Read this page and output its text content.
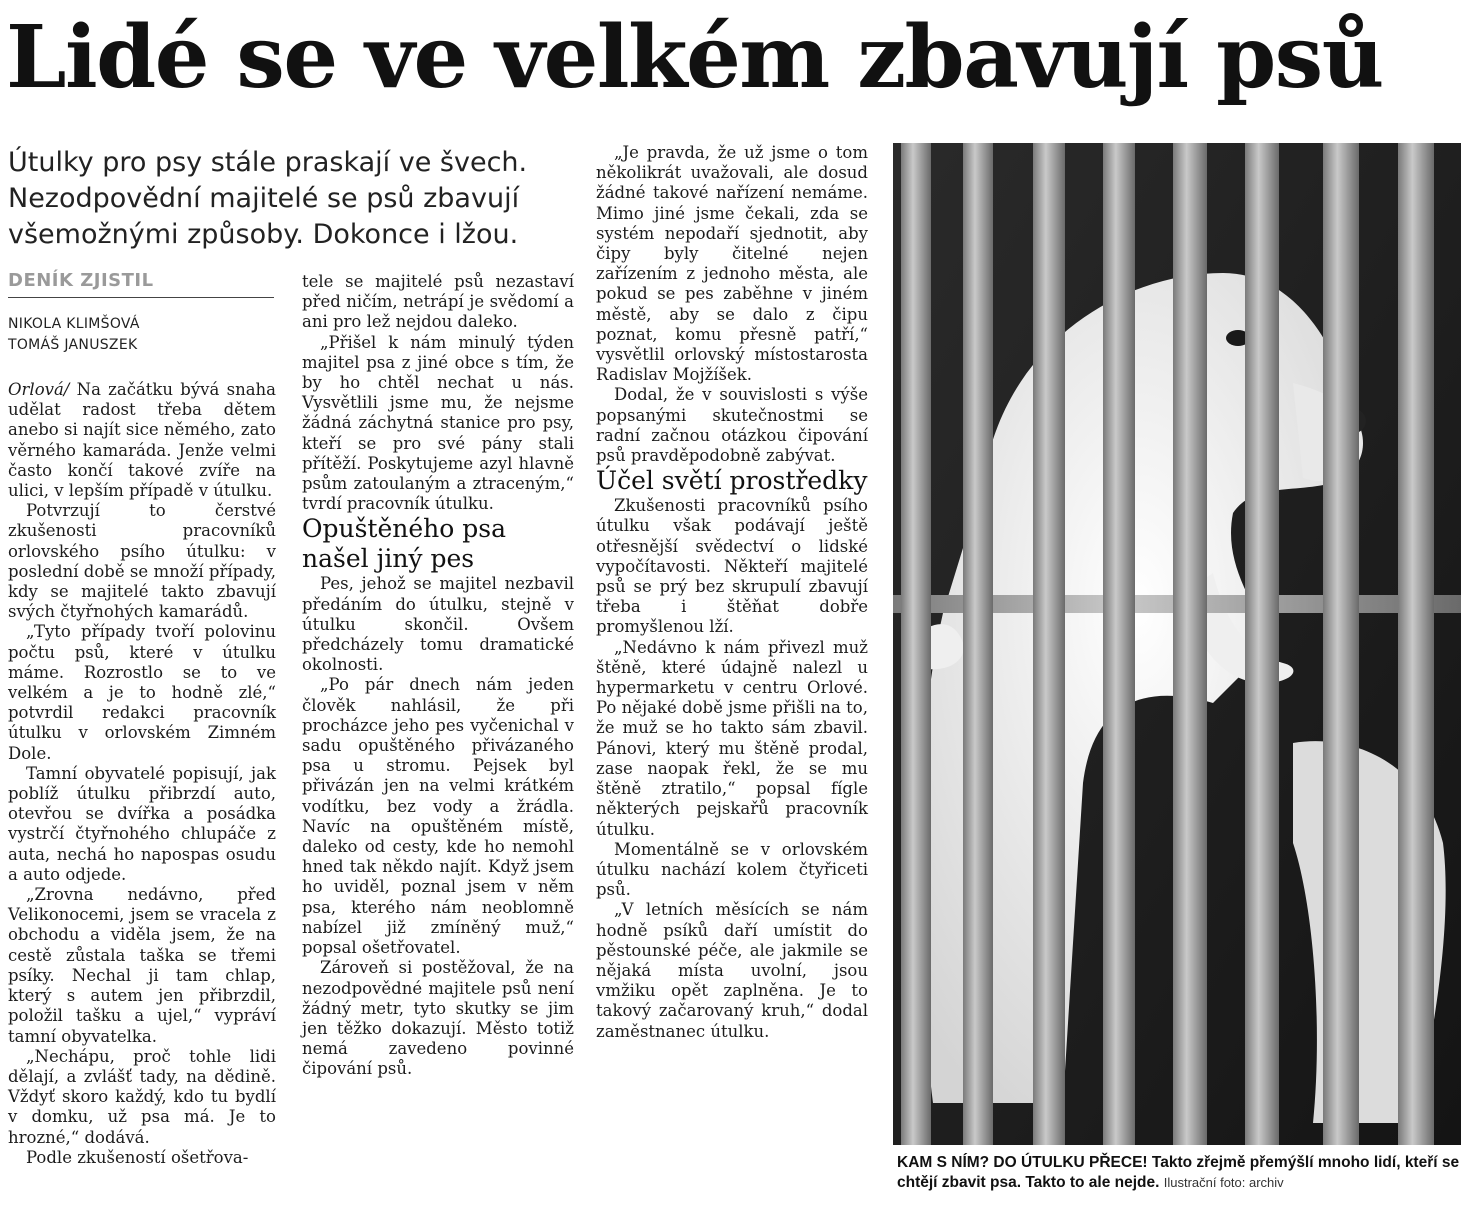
Lidé se ve velkém zbavují psů

Útulky pro psy stále praskají ve švech. Nezodpovědní majitelé se psů zbavují všemožnými způsoby. Dokonce i lžou.

DENÍK ZJISTIL
NIKOLA KLIMŠOVÁ
TOMÁŠ JANUSZEK

Orlová/ Na začátku bývá snaha udělat radost třeba dětem anebo si najít sice němého, zato věrného kamaráda. Jenže velmi často končí takové zvíře na ulici, v lepším případě v útulku.

Potvrzují to čerstvé zkušenosti pracovníků orlovského psího útulku: v poslední době se množí případy, kdy se majitelé takto zbavují svých čtyřnohých kamarádů.

„Tyto případy tvoří polovinu počtu psů, které v útulku máme. Rozrostlo se to ve velkém a je to hodně zlé,“ potvrdil redakci pracovník útulku v orlovském Zimném Dole.

Tamní obyvatelé popisují, jak poblíž útulku přibrzdí auto, otevřou se dvířka a posádka vystrčí čtyřnohého chlupáče z auta, nechá ho napospas osudu a auto odjede.

„Zrovna nedávno, před Velikonocemi, jsem se vracela z obchodu a viděla jsem, že na cestě zůstala taška se třemi psíky. Nechal ji tam chlap, který s autem jen přibrzdil, položil tašku a ujel,“ vypráví tamní obyvatelka.

„Nechápu, proč tohle lidi dělají, a zvlášť tady, na dědině. Vždyť skoro každý, kdo tu bydlí v domku, už psa má. Je to hrozné,“ dodává.

Podle zkušeností ošetřova-

tele se majitelé psů nezastaví před ničím, netrápí je svědomí a ani pro lež nejdou daleko.

„Přišel k nám minulý týden majitel psa z jiné obce s tím, že by ho chtěl nechat u nás. Vysvětlili jsme mu, že nejsme žádná záchytná stanice pro psy, kteří se pro své pány stali přítěží. Poskytujeme azyl hlavně psům zatoulaným a ztraceným,“ tvrdí pracovník útulku.

Opuštěného psa našel jiný pes

Pes, jehož se majitel nezbavil předáním do útulku, stejně v útulku skončil. Ovšem předcházely tomu dramatické okolnosti.

„Po pár dnech nám jeden člověk nahlásil, že při procházce jeho pes vyčenichal v sadu opuštěného přivázaného psa u stromu. Pejsek byl přivázán jen na velmi krátkém vodítku, bez vody a žrádla. Navíc na opuštěném místě, daleko od cesty, kde ho nemohl hned tak někdo najít. Když jsem ho uviděl, poznal jsem v něm psa, kterého nám neoblomně nabízel již zmíněný muž,“ popsal ošetřovatel.

Zároveň si postěžoval, že na nezodpovědné majitele psů není žádný metr, tyto skutky se jim jen těžko dokazují. Město totiž nemá zavedeno povinné čipování psů.

„Je pravda, že už jsme o tom několikrát uvažovali, ale dosud žádné takové nařízení nemáme. Mimo jiné jsme čekali, zda se systém nepodaří sjednotit, aby čipy byly čitelné nejen zařízením z jednoho města, ale pokud se pes zaběhne v jiném městě, aby se dalo z čipu poznat, komu přesně patří,“ vysvětlil orlovský místostarosta Radislav Mojžíšek.

Dodal, že v souvislosti s výše popsanými skutečnostmi se radní začnou otázkou čipování psů pravděpodobně zabývat.

Účel světí prostředky

Zkušenosti pracovníků psího útulku však podávají ještě otřesnější svědectví o lidské vypočítavosti. Někteří majitelé psů se prý bez skrupulí zbavují třeba i štěňat dobře promyšlenou lží.

„Nedávno k nám přivezl muž štěně, které údajně nalezl u hypermarketu v centru Orlové. Po nějaké době jsme přišli na to, že muž se ho takto sám zbavil. Pánovi, který mu štěně prodal, zase naopak řekl, že se mu štěně ztratilo,“ popsal fígle některých pejskařů pracovník útulku.

Momentálně se v orlovském útulku nachází kolem čtyřiceti psů.

„V letních měsících se nám hodně psíků daří umístit do pěstounské péče, ale jakmile se nějaká místa uvolní, jsou vmžiku opět zaplněna. Je to takový začarovaný kruh,“ dodal zaměstnanec útulku.

KAM S NÍM? DO ÚTULKU PŘECE! Takto zřejmě přemýšlí mnoho lidí, kteří se chtějí zbavit psa. Takto to ale nejde. Ilustrační foto: archiv
